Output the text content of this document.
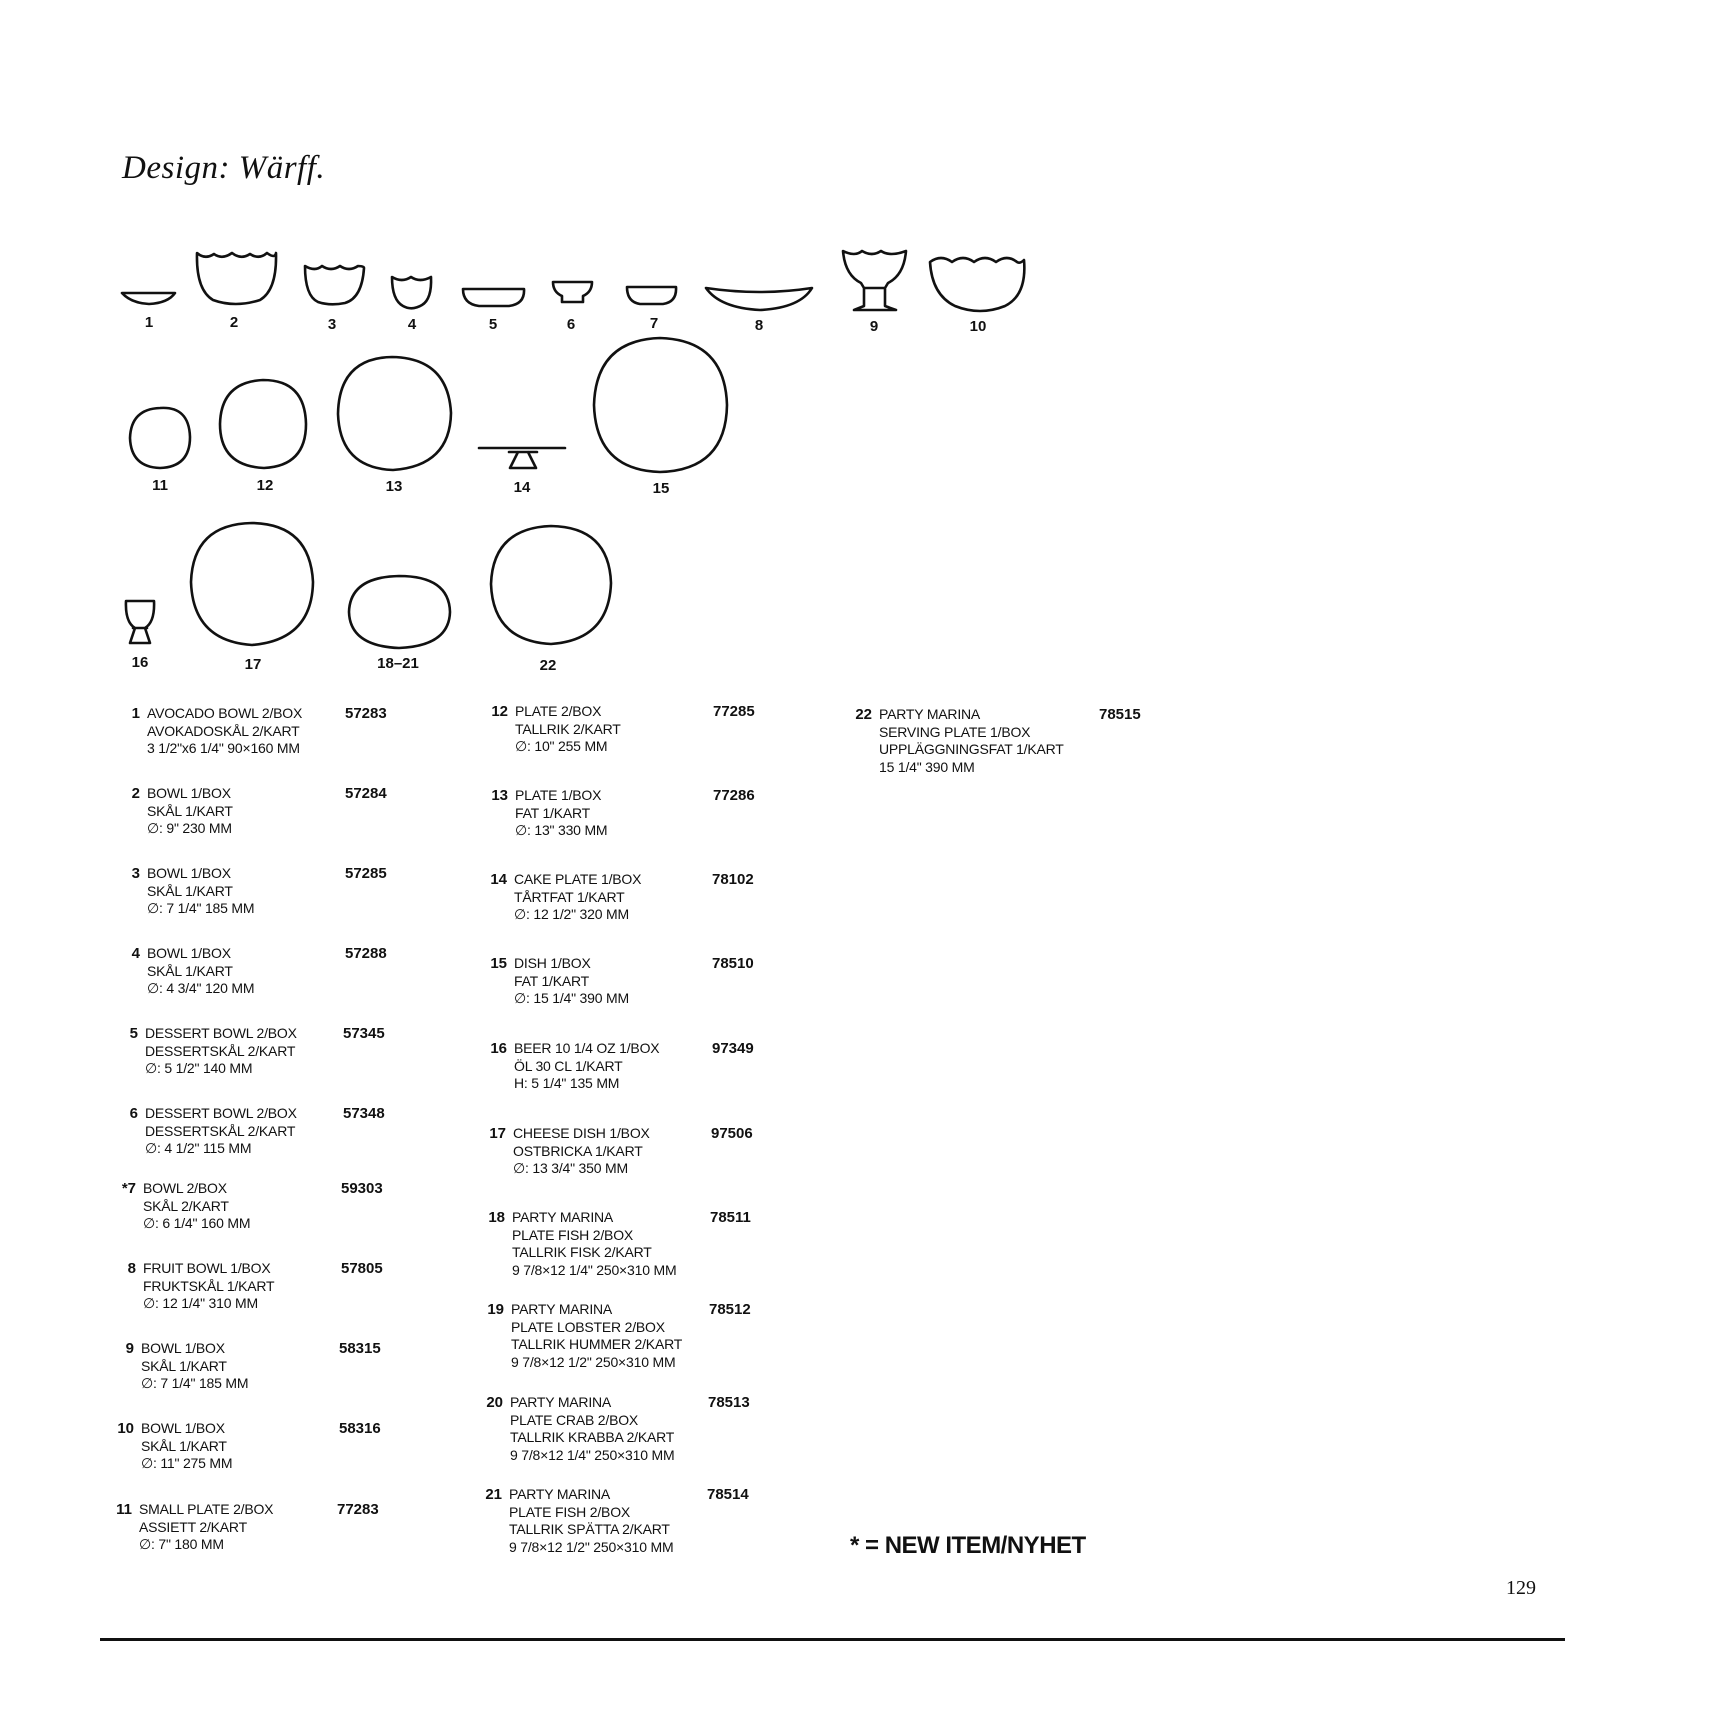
Design: Wärff.
1	2	3	4	5	6	7	8	9	10
11	12	13	14	15
16	17	18–21	22
1 AVOCADO BOWL 2/BOX
AVOKADOSKÅL 2/KART
3 1/2"x6 1/4" 90×160 MM
57283
2 BOWL 1/BOX
SKÅL 1/KART
∅: 9" 230 MM
57284
3 BOWL 1/BOX
SKÅL 1/KART
∅: 7 1/4" 185 MM
57285
4 BOWL 1/BOX
SKÅL 1/KART
∅: 4 3/4" 120 MM
57288
5 DESSERT BOWL 2/BOX
DESSERTSKÅL 2/KART
∅: 5 1/2" 140 MM
57345
6 DESSERT BOWL 2/BOX
DESSERTSKÅL 2/KART
∅: 4 1/2" 115 MM
57348
*7 BOWL 2/BOX
SKÅL 2/KART
∅: 6 1/4" 160 MM
59303
8 FRUIT BOWL 1/BOX
FRUKTSKÅL 1/KART
∅: 12 1/4" 310 MM
57805
9 BOWL 1/BOX
SKÅL 1/KART
∅: 7 1/4" 185 MM
58315
10 BOWL 1/BOX
SKÅL 1/KART
∅: 11" 275 MM
58316
11 SMALL PLATE 2/BOX
ASSIETT 2/KART
∅: 7" 180 MM
77283
12 PLATE 2/BOX
TALLRIK 2/KART
∅: 10" 255 MM
77285
13 PLATE 1/BOX
FAT 1/KART
∅: 13" 330 MM
77286
14 CAKE PLATE 1/BOX
TÅRTFAT 1/KART
∅: 12 1/2" 320 MM
78102
15 DISH 1/BOX
FAT 1/KART
∅: 15 1/4" 390 MM
78510
16 BEER 10 1/4 OZ 1/BOX
ÖL 30 CL 1/KART
H: 5 1/4" 135 MM
97349
17 CHEESE DISH 1/BOX
OSTBRICKA 1/KART
∅: 13 3/4" 350 MM
97506
18 PARTY MARINA
PLATE FISH 2/BOX
TALLRIK FISK 2/KART
9 7/8×12 1/4" 250×310 MM
78511
19 PARTY MARINA
PLATE LOBSTER 2/BOX
TALLRIK HUMMER 2/KART
9 7/8×12 1/2" 250×310 MM
78512
20 PARTY MARINA
PLATE CRAB 2/BOX
TALLRIK KRABBA 2/KART
9 7/8×12 1/4" 250×310 MM
78513
21 PARTY MARINA
PLATE FISH 2/BOX
TALLRIK SPÄTTA 2/KART
9 7/8×12 1/2" 250×310 MM
78514
22 PARTY MARINA
SERVING PLATE 1/BOX
UPPLÄGGNINGSFAT 1/KART
15 1/4" 390 MM
78515
* = NEW ITEM/NYHET
129
